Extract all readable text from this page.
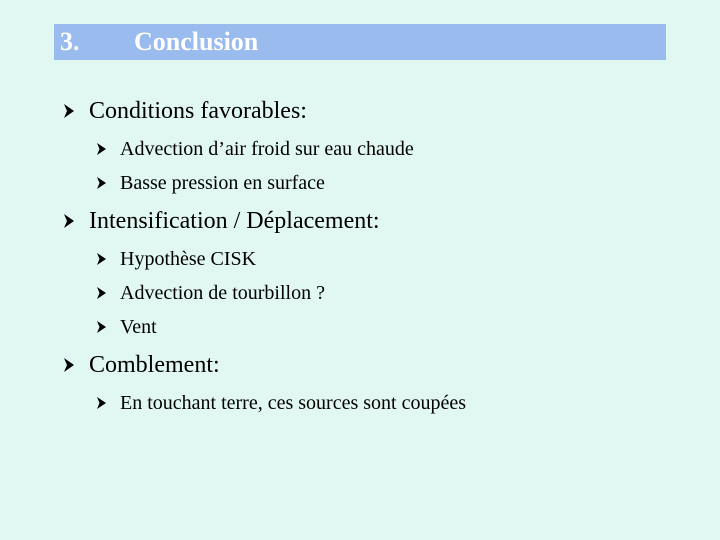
3. Conclusion
Conditions favorables:
Advection d’air froid sur eau chaude
Basse pression en surface
Intensification / Déplacement:
Hypothèse CISK
Advection de tourbillon ?
Vent
Comblement:
En touchant terre, ces sources sont coupées
